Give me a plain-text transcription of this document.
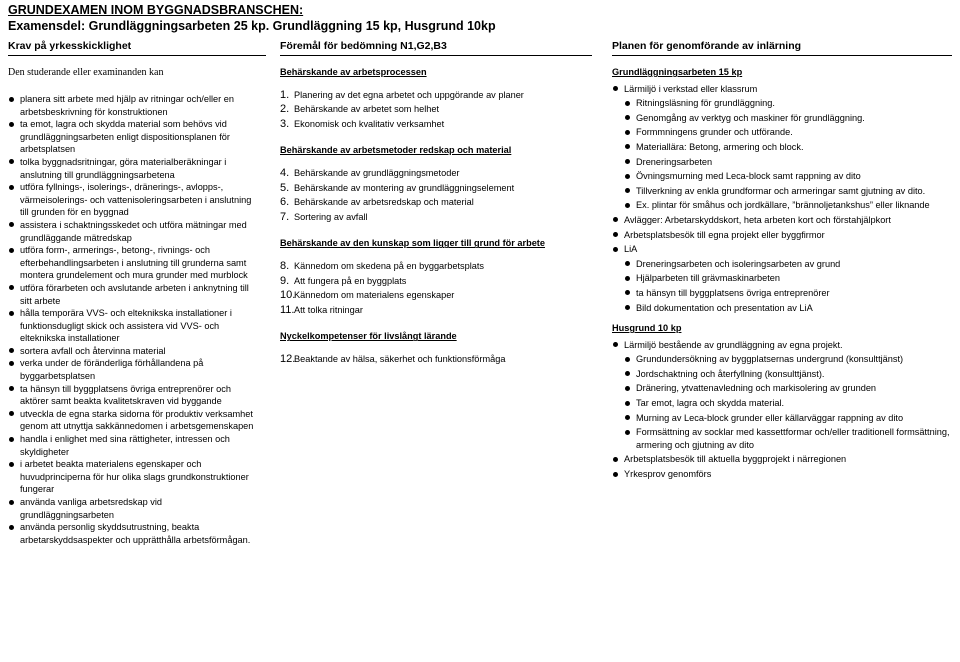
GRUNDEXAMEN INOM BYGGNADSBRANSCHEN:
Examensdel: Grundläggningsarbeten 25 kp. Grundläggning 15 kp, Husgrund 10kp
Krav på yrkesskicklighet	Föremål för bedömning N1,G2,B3	Planen för genomförande av inlärning
Den studerande eller examinanden kan
planera sitt arbete med hjälp av ritningar och/eller en arbetsbeskrivning för konstruktionen
ta emot, lagra och skydda material som behövs vid grundläggningsarbeten enligt dispositionsplanen för arbetsplatsen
tolka byggnadsritningar, göra materialberäkningar i anslutning till grundläggningsarbetena
utföra fyllnings-, isolerings-, dränerings-, avlopps-, värmeisolerings- och vattenisoleringsarbeten i anslutning till grunden för en byggnad
assistera i schaktningsskedet och utföra mätningar med grundläggande mätredskap
utföra form-, armerings-, betong-, rivnings- och efterbehandlingsarbeten i anslutning till grunderna samt montera grundelement och mura grunder med murblock
utföra förarbeten och avslutande arbeten i anknytning till sitt arbete
hålla temporära VVS- och elteknikska installationer i funktionsdugligt skick och assistera vid VVS- och elteknikska installationer
sortera avfall och återvinna material
verka under de föränderliga förhållandena på byggarbetsplatsen
ta hänsyn till byggplatsens övriga entreprenörer och aktörer samt beakta kvalitetskraven vid byggande
utveckla de egna starka sidorna för produktiv verksamhet genom att utnyttja sakkännedomen i arbetsgemenskapen
handla i enlighet med sina rättigheter, intressen och skyldigheter
i arbetet beakta materialens egenskaper och huvudprinciperna för hur olika slags grundkonstruktioner fungerar
använda vanliga arbetsredskap vid grundläggningsarbeten
använda personlig skyddsutrustning, beakta arbetarskyddsaspekter och upprätthålla arbetsförmågan.
Behärskande av arbetsprocessen
1. Planering av det egna arbetet och uppgörande av planer
2. Behärskande av arbetet som helhet
3. Ekonomisk och kvalitativ verksamhet
Behärskande av arbetsmetoder redskap och material
4. Behärskande av grundläggningsmetoder
5. Behärskande av montering av grundläggningselement
6. Behärskande av arbetsredskap och material
7. Sortering av avfall
Behärskande av den kunskap som ligger till grund för arbete
8. Kännedom om skedena på en byggarbetsplats
9. Att fungera på en byggplats
10.
Kännedom om materialens egenskaper
11. Att tolka ritningar
Nyckelkompetenser för livslångt lärande
12.
Beaktande av hälsa, säkerhet och funktionsförmåga
Grundläggningsarbeten 15 kp
Lärmiljö i verkstad eller klassrum
Ritningsläsning för grundläggning.
Genomgång av verktyg och maskiner för grundläggning.
Formmningens grunder och utförande.
Materiallära: Betong, armering och block.
Dreneringsarbeten
Övningsmurning med Leca-block samt rappning av dito
Tillverkning av enkla grundformar och armeringar samt gjutning av dito.
Ex. plintar för småhus och jordkällare, ”brännoljetankshus” eller liknande
Avlägger: Arbetarskyddskort, heta arbeten kort och förstahjälpkort
Arbetsplatsbesök till egna projekt eller byggfirmor
LiA
Dreneringsarbeten och isoleringsarbeten av grund
Hjälparbeten till grävmaskinarbeten
ta hänsyn till byggplatsens övriga entreprenörer
Bild dokumentation och presentation av LiA
Husgrund 10 kp
Lärmiljö bestående av grundläggning av egna projekt.
Grundundersökning av byggplatsernas undergrund (konsulttjänst)
Jordschaktning och återfyllning (konsulttjänst).
Dränering, ytvattenavledning och markisolering av grunden
Tar emot, lagra och skydda material.
Murning av Leca-block grunder eller källarväggar rappning av dito
Formsättning av socklar med kassettformar och/eller traditionell formsättning, armering och gjutning av dito
Arbetsplatsbesök till aktuella byggprojekt i närregionen
Yrkesprov genomförs
